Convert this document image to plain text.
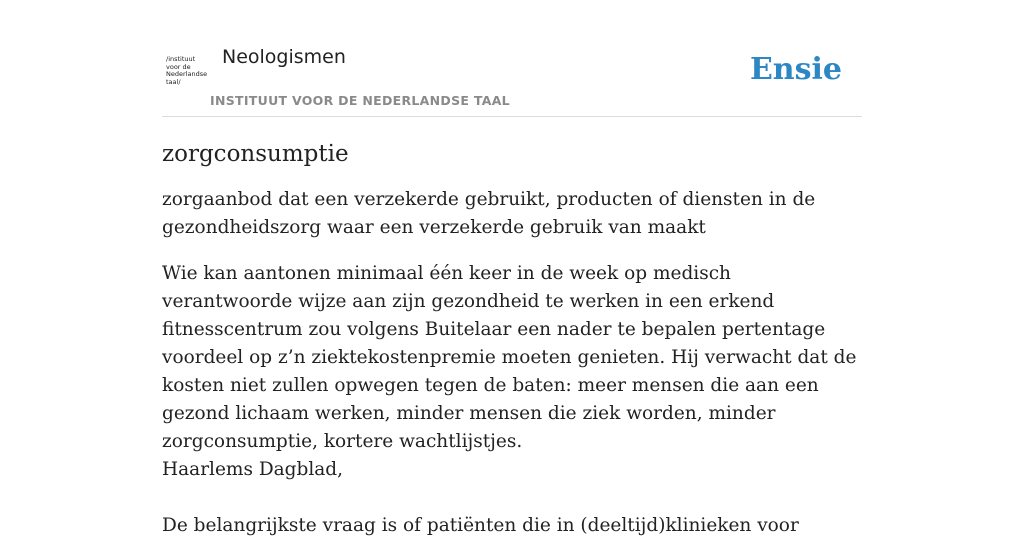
/instituut
voor de
Nederlandse
taal/
Neologismen
INSTITUUT VOOR DE NEDERLANDSE TAAL
Ensie
zorgconsumptie

zorgaanbod dat een verzekerde gebruikt, producten of diensten in de gezondheidszorg waar een verzekerde gebruik van maakt

Wie kan aantonen minimaal één keer in de week op medisch verantwoorde wijze aan zijn gezondheid te werken in een erkend fitnesscentrum zou volgens Buitelaar een nader te bepalen pertentage voordeel op z’n ziektekostenpremie moeten genieten. Hij verwacht dat de kosten niet zullen opwegen tegen de baten: meer mensen die aan een gezond lichaam werken, minder mensen die ziek worden, minder zorgconsumptie, kortere wachtlijstjes.
Haarlems Dagblad,

De belangrijkste vraag is of patiënten die in (deeltijd)klinieken voor
